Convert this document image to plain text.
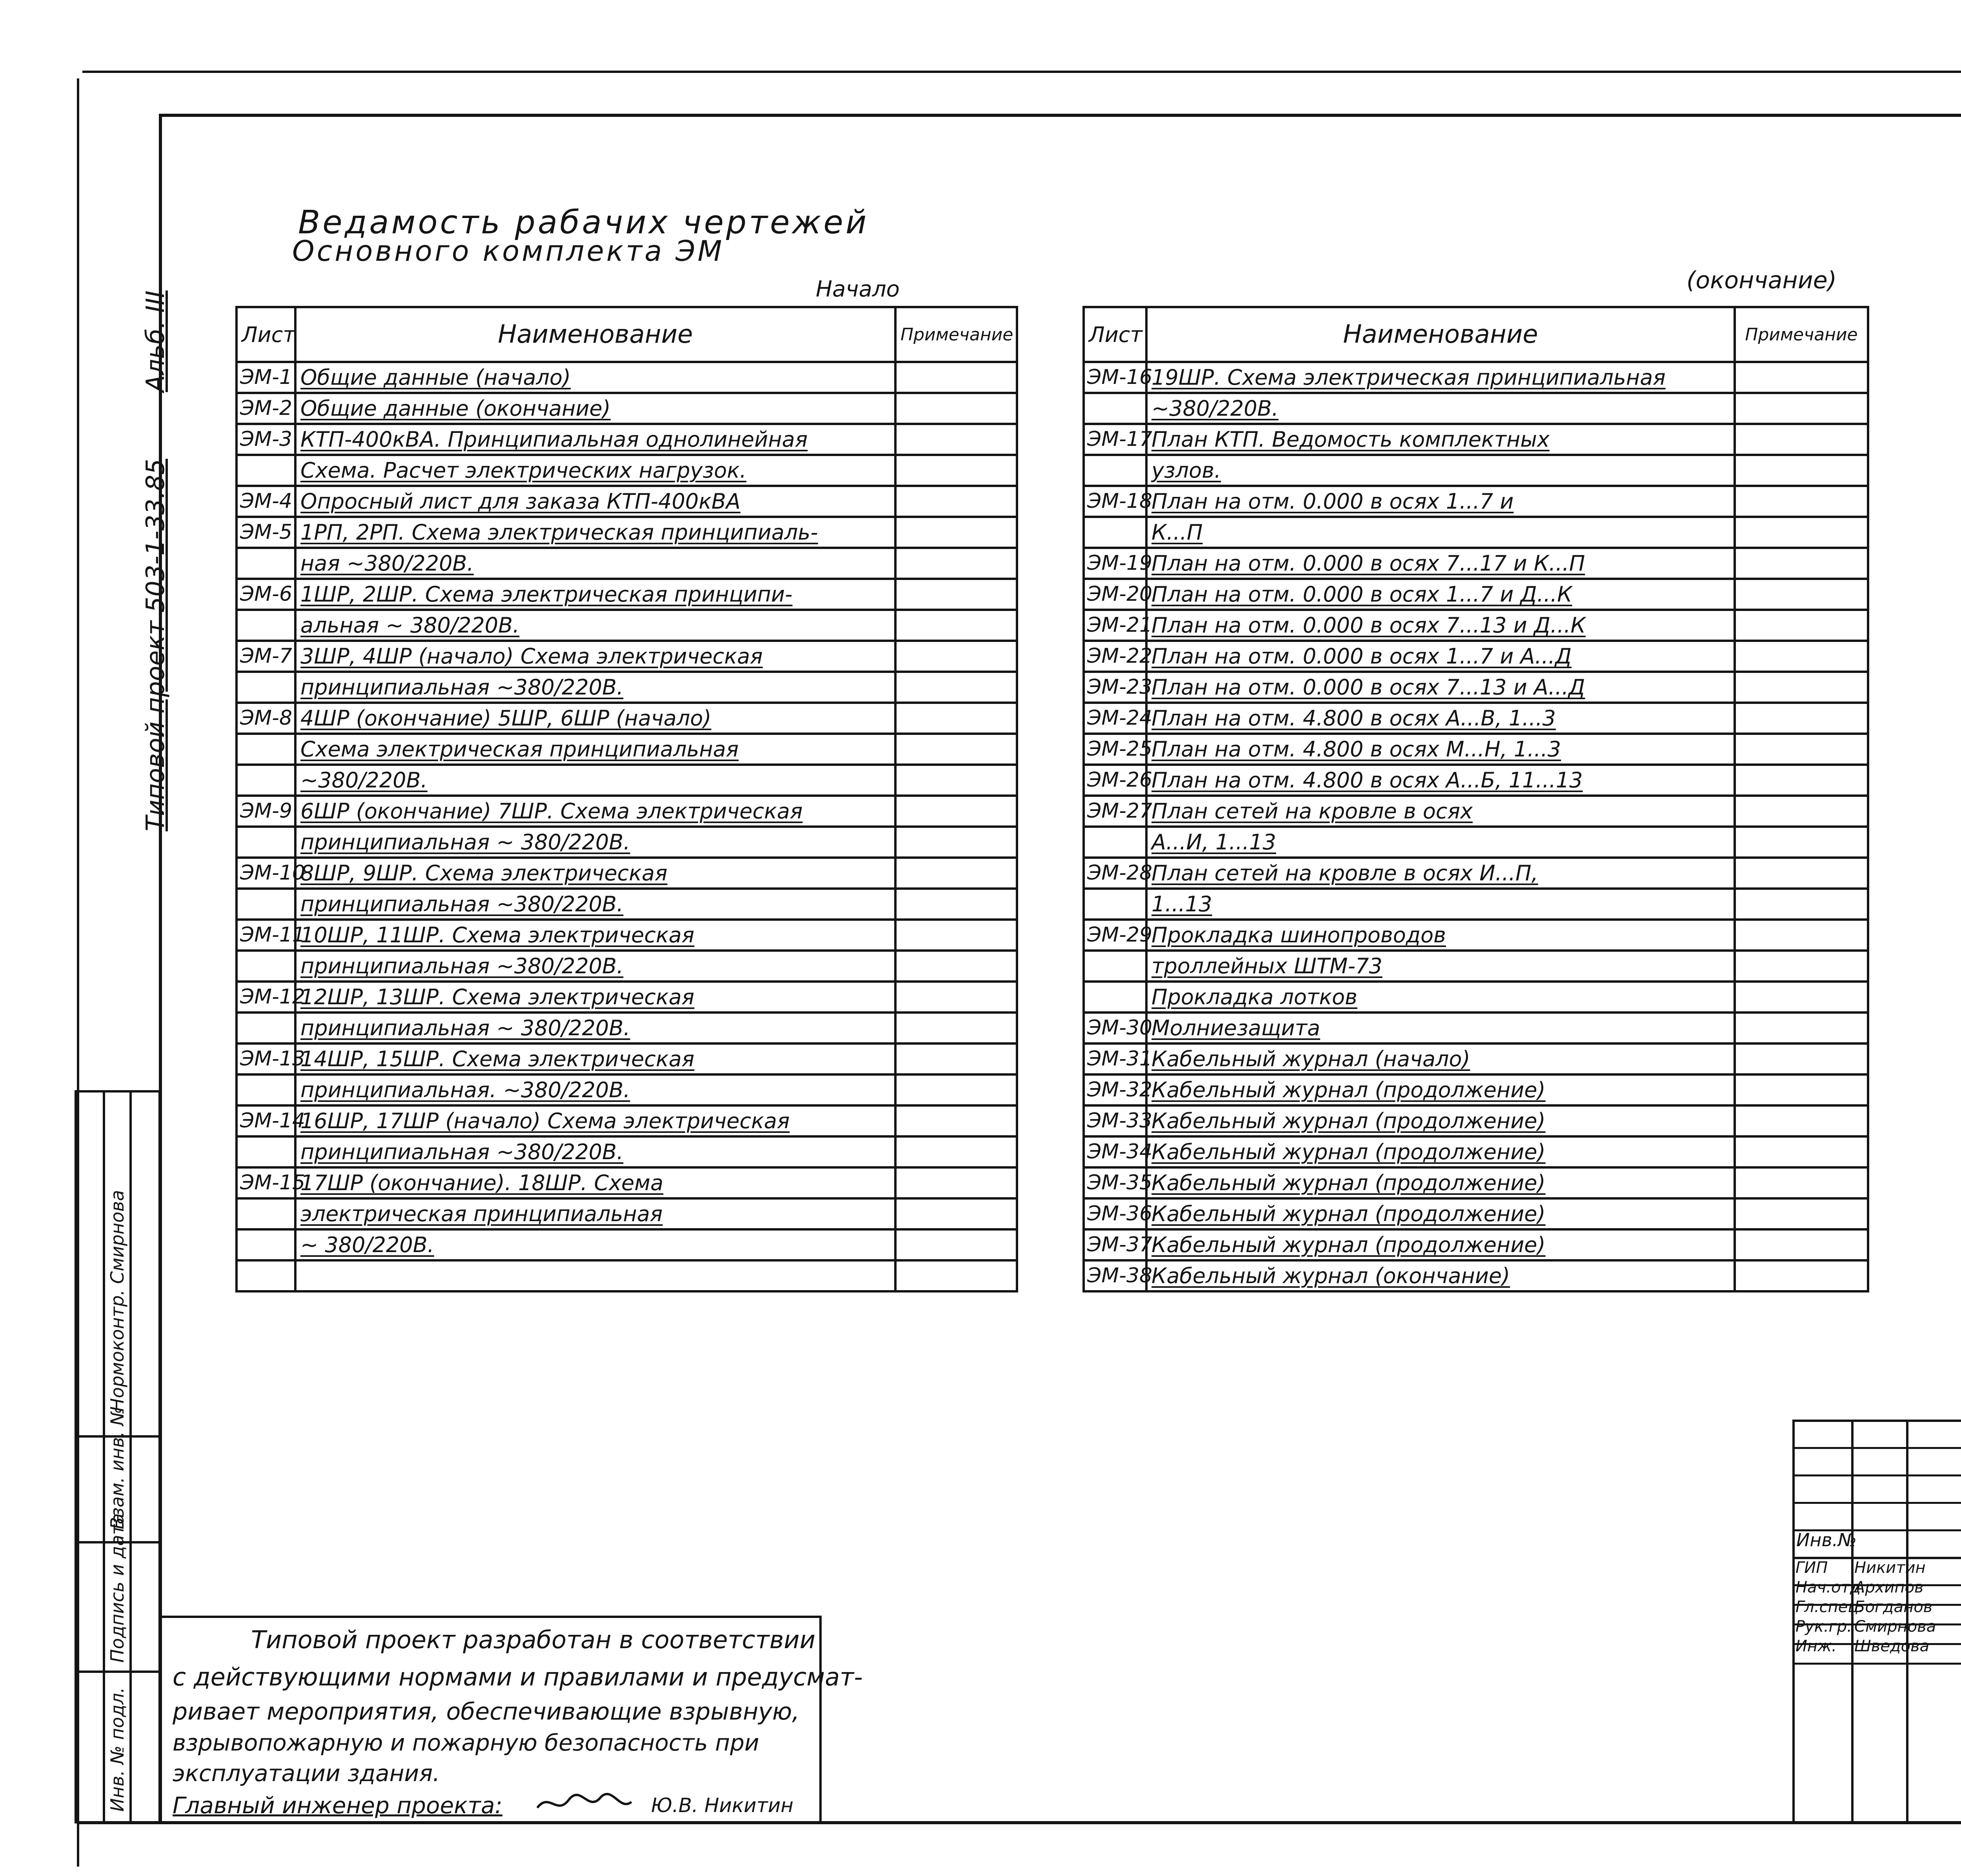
Ведамость рабачих чертежей
Основного комплекта ЭМ
Начало
Лист	Наименование	Примечание
ЭМ-1	Общие данные (начало)	
ЭМ-2	Общие данные (окончание)	
ЭМ-3	КТП-400кВА. Принципиальная однолинейная	
	Схема. Расчет электрических нагрузок.	
ЭМ-4	Опросный лист для заказа КТП-400кВА	
ЭМ-5	1РП, 2РП. Схема электрическая принципиаль-	
	ная ~380/220В.	
ЭМ-6	1ШР, 2ШР. Схема электрическая принципи-	
	альная ~ 380/220В.	
ЭМ-7	3ШР, 4ШР (начало) Схема электрическая	
	принципиальная ~380/220В.	
ЭМ-8	4ШР (окончание) 5ШР, 6ШР (начало)	
	Схема электрическая принципиальная	
	~380/220В.	
ЭМ-9	6ШР (окончание) 7ШР. Схема электрическая	
	принципиальная ~ 380/220В.	
ЭМ-10	8ШР, 9ШР. Схема электрическая	
	принципиальная ~380/220В.	
ЭМ-11	10ШР, 11ШР. Схема электрическая	
	принципиальная ~380/220В.	
ЭМ-12	12ШР, 13ШР. Схема электрическая	
	принципиальная ~ 380/220В.	
ЭМ-13	14ШР, 15ШР. Схема электрическая	
	принципиальная. ~380/220В.	
ЭМ-14	16ШР, 17ШР (начало) Схема электрическая	
	принципиальная ~380/220В.	
ЭМ-15	17ШР (окончание). 18ШР. Схема	
	электрическая принципиальная	
	~ 380/220В.	

(окончание)
Лист	Наименование	Примечание
ЭМ-16	19ШР. Схема электрическая принципиальная	
	~380/220В.	
ЭМ-17	План КТП. Ведомость комплектных	
	узлов.	
ЭМ-18	План на отм. 0.000 в осях 1...7 и	
	К...П	
ЭМ-19	План на отм. 0.000 в осях 7...17 и К...П	
ЭМ-20	План на отм. 0.000 в осях 1...7 и Д...К	
ЭМ-21	План на отм. 0.000 в осях 7...13 и Д...К	
ЭМ-22	План на отм. 0.000 в осях 1...7 и А...Д	
ЭМ-23	План на отм. 0.000 в осях 7...13 и А...Д	
ЭМ-24	План на отм. 4.800 в осях А...В, 1...3	
ЭМ-25	План на отм. 4.800 в осях М...Н, 1...3	
ЭМ-26	План на отм. 4.800 в осях А...Б, 11...13	
ЭМ-27	План сетей на кровле в осях	
	А...И, 1...13	
ЭМ-28	План сетей на кровле в осях И...П,	
	1...13	
ЭМ-29	Прокладка шинопроводов	
	троллейных ШТМ-73	
	Прокладка лотков	
ЭМ-30	Молниезащита	
ЭМ-31	Кабельный журнал (начало)	
ЭМ-32	Кабельный журнал (продолжение)	
ЭМ-33	Кабельный журнал (продолжение)	
ЭМ-34	Кабельный журнал (продолжение)	
ЭМ-35	Кабельный журнал (продолжение)	
ЭМ-36	Кабельный журнал (продолжение)	
ЭМ-37	Кабельный журнал (продолжение)	
ЭМ-38	Кабельный журнал (окончание)	
Типовой проект 503-1-33.85
Альб. III
Нормоконтр. Смирнова
Взам. инв. №
Подпись и дата
Инв. № подл.
Типовой проект разработан в соответствии
с действующими нормами и правилами и предусмат-
ривает мероприятия, обеспечивающие взрывную,
взрывопожарную и пожарную безопасность при
эксплуатации здания.
Главный инженер проекта:	Ю.В. Никитин
Инв.№
ГИП Никитин
Нач.отд.
Архипов
Гл.спец.
Богданов
Рук.гр. Смирнова
Инж. Шведова
